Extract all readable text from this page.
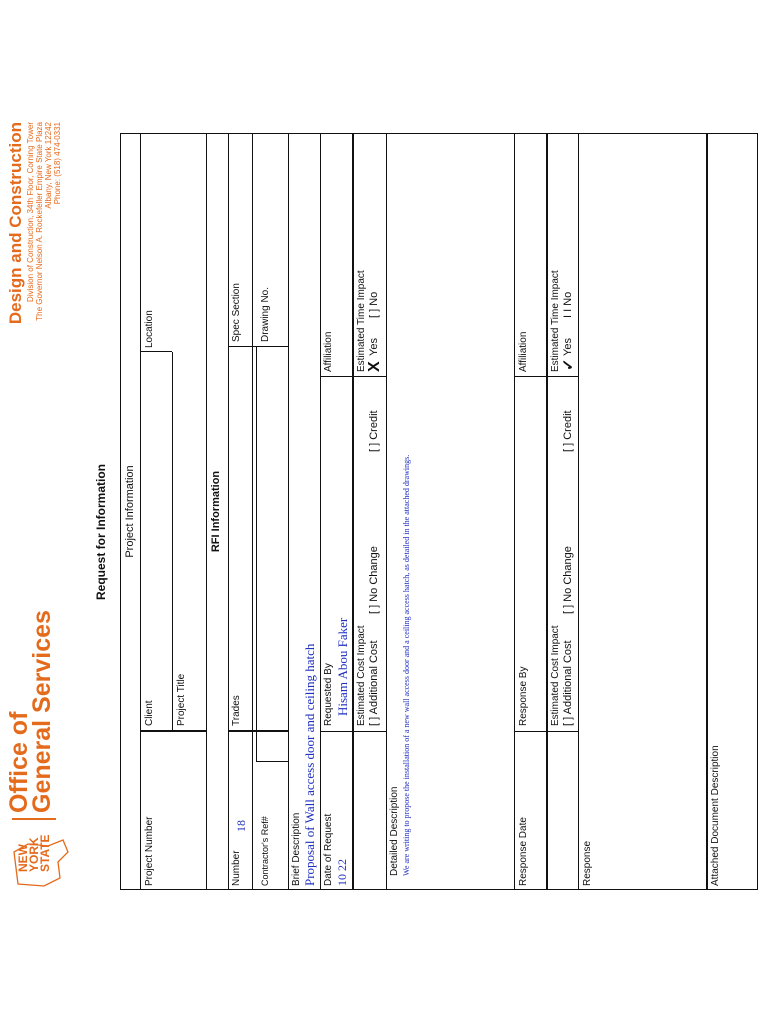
NEW
YORK
STATE
Office of
General Services
Design and Construction Division of Construction, 34th Floor, Corning Tower The Governor Nelson A. Rockefeller Empire State Plaza Albany, New York 12242 Phone: (518) 474-0331
Request for Information Project Information
Project Number
Client
Location
Project Title
RFI Information
Number
18
Trades
Spec Section
Contractor's Ref#
Drawing No.
Brief Description Proposal of Wall access door and ceiling hatch Date of Request 10 22
Requested By Hisam Abou Faker
Affiliation
Estimated Cost Impact [ ] Additional Cost
[ ] No Change
[ ] Credit
Estimated Time Impact X
Yes
[ ] No
Detailed Description We are writing to propose the installation of a new wall access door and a ceiling access hatch, as detailed in the attached drawings.	Response Date
Response By
Affiliation
Estimated Cost Impact [ ] Additional Cost
[ ] No Change
[ ] Credit
Estimated Time Impact ✓
Yes
I I No
Response	Attached Document Description
